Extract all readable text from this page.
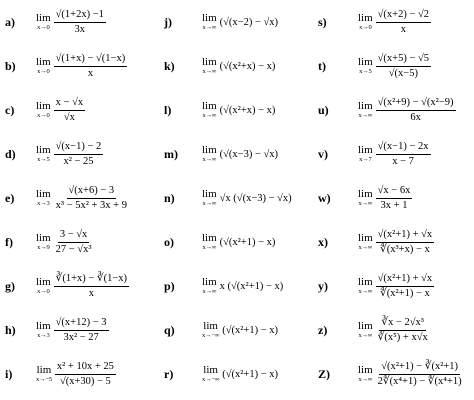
a)	lim
$x\to 0 \frac{√(1+2x) -1}{3x}$
b)	lim
$x\to 0 \frac{√(1+x) - √(1-x)}{x}$
c)	lim
$x\to 0 \frac{x - √x}{√x}$
d)	lim
$x\to 5 \frac{√(x-1) - 2}{\text{x² − 25}}$
e)	lim
$x\to 3 \frac{√(x+6) - 3}{\text{x³ − 5x² + 3x + 9}}$
f)	lim
$x\to 9 \frac{3 - √x}{\text{27 − √x³}}$
g)	lim
$x\to 0 \frac{∛(1+x) - ∛(1-x)}{x}$
h)	lim
$x\to 3 \frac{√(x+12) - 3}{\text{3x² − 27}}$
i)	lim
$x\to-5 \frac{\text{x² + 10x + 25}}{√(x+30) - 5}$
j)	lim
x→∞ (√(x−2) − √x)
k)	lim
x→∞ (√(x²+x) − x)
l)	lim
x→∞ (√(x²+x) − x)
m)	lim
x→∞ (√(x−3) − √x)
n)	lim
x→∞ √x (√(x−3) − √x)
o)	lim
x→∞ (√(x²+1) − x)
p)	lim
x→∞ x (√(x²+1) − x)
q)	lim
x→−∞ (√(x²+1) − x)
r)	lim
x→−∞ (√(x²+1) − x)
s)	lim
$x\to 0 \frac{√(x+2) - √2}{x}$
t)	lim
$x\to 5 \frac{√(x+5) - √5}{√(x-5)}$
u)	lim
$x\to\infty \frac{\text{√(x²+9) − √(x²−9)}}{6x}$
v)	lim
$x\to 7 \frac{√(x-1) - 2x}{x - 7}$
w)	lim
$x\to\infty \frac{√x - 6x}{3x + 1}$
x)	lim
$x\to\infty \frac{\text{√(x²+1) + √x}}{\text{∜(x³+x) − x}}$
y)	lim
$x\to\infty \frac{\text{√(x²+1) + √x}}{\text{∜(x²+1) − x}}$
z)	lim
$x\to\infty \frac{\text{∛x − 2√x³}}{\text{∛(x⁵) + x√x}}$
Z)	lim
$x\to\infty \frac{\text{√(x²+1) − ∛(x²+1)}}{\text{2∜(x⁴+1) − ∜(x⁴+1)}}$
